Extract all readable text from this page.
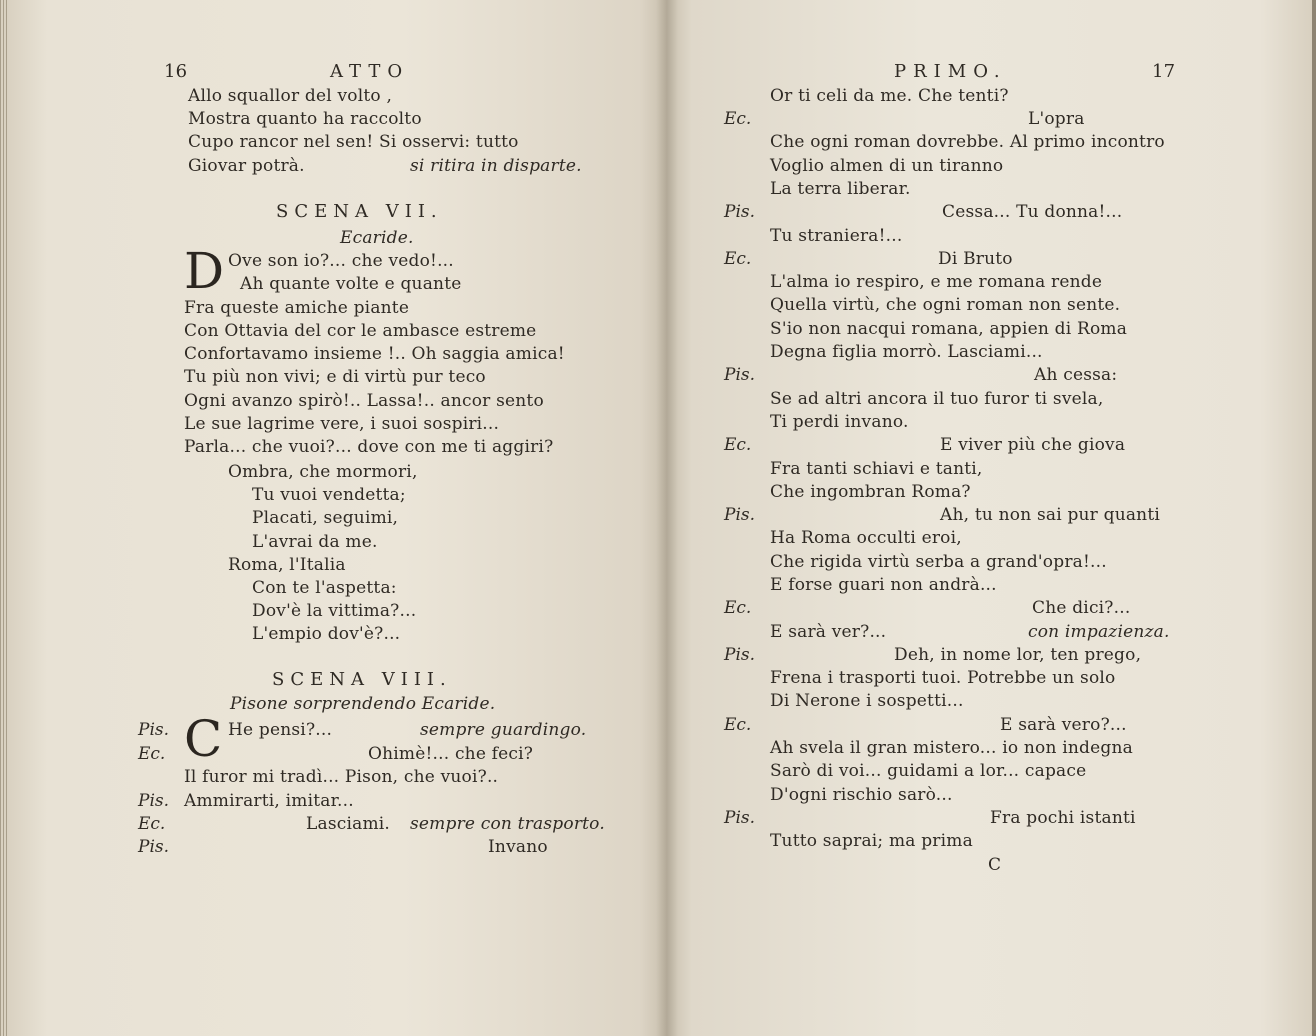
16	ATTO
Allo squallor del volto ,
Mostra quanto ha raccolto
Cupo rancor nel sen! Si osservi: tutto
Giovar potrà.	si ritira in disparte.
SCENA VII.
Ecaride.
D Ove son io?... che vedo!...
Ah quante volte e quante
Fra queste amiche piante
Con Ottavia del cor le ambasce estreme
Confortavamo insieme !.. Oh saggia amica!
Tu più non vivi; e di virtù pur teco
Ogni avanzo spirò!.. Lassa!.. ancor sento
Le sue lagrime vere, i suoi sospiri...
Parla... che vuoi?... dove con me ti aggiri?
Ombra, che mormori,
Tu vuoi vendetta;
Placati, seguimi,
L'avrai da me.
Roma, l'Italia
Con te l'aspetta:
Dov'è la vittima?...
L'empio dov'è?...
SCENA VIII.
Pisone sorprendendo Ecaride.
C
Pis.	He pensi?...	sempre guardingo.
Ec.	Ohimè!... che feci?
Il furor mi tradì... Pison, che vuoi?..
Pis. Ammirarti, imitar...
Ec.	Lasciami. sempre con trasporto.
Pis.	Invano
PRIMO.	17
Or ti celi da me. Che tenti?
Ec.	L'opra
Che ogni roman dovrebbe. Al primo incontro
Voglio almen di un tiranno
La terra liberar.
Pis.	Cessa... Tu donna!...
Tu straniera!...
Ec.	Di Bruto
L'alma io respiro, e me romana rende
Quella virtù, che ogni roman non sente.
S'io non nacqui romana, appien di Roma
Degna figlia morrò. Lasciami...
Pis.	Ah cessa:
Se ad altri ancora il tuo furor ti svela,
Ti perdi invano.
Ec.	E viver più che giova
Fra tanti schiavi e tanti,
Che ingombran Roma?
Pis.	Ah, tu non sai pur quanti
Ha Roma occulti eroi,
Che rigida virtù serba a grand'opra!...
E forse guari non andrà...
Ec.	Che dici?...
E sarà ver?...	con impazienza.
Pis.	Deh, in nome lor, ten prego,
Frena i trasporti tuoi. Potrebbe un solo
Di Nerone i sospetti...
Ec.	E sarà vero?...
Ah svela il gran mistero... io non indegna
Sarò di voi... guidami a lor... capace
D'ogni rischio sarò...
Pis.	Fra pochi istanti
Tutto saprai; ma prima
C
